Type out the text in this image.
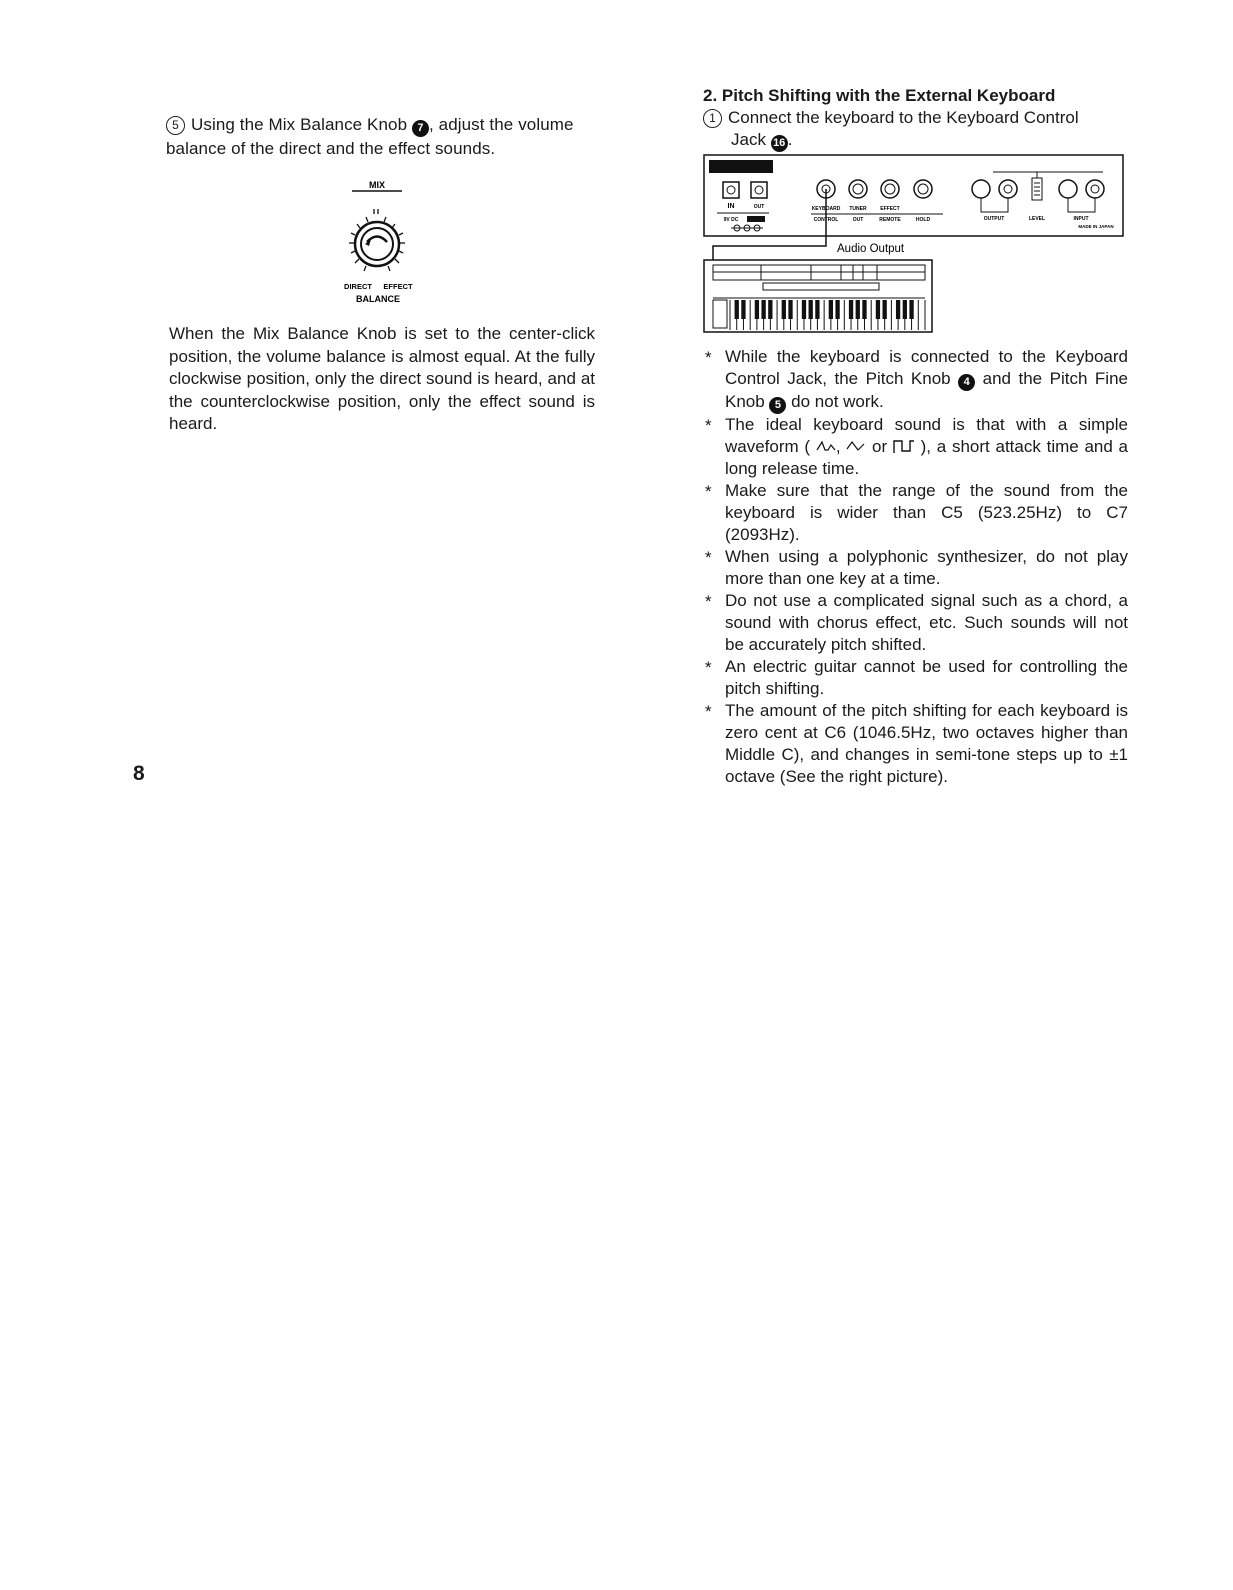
5 Using the Mix Balance Knob 7 , adjust the volume balance of the direct and the effect sounds.
MIX
DIRECT EFFECT
BALANCE
When the Mix Balance Knob is set to the center-click position, the volume balance is almost equal. At the fully clockwise position, only the direct sound is heard, and at the counterclockwise position, only the effect sound is heard.
8
2. Pitch Shifting with the External Keyboard
1 Connect the keyboard to the Keyboard Control
Jack 16 .
IN	OUT
9V DC
KEYBOARD TUNER	EFFECT
CONTROL	OUT	REMOTE	HOLD	OUTPUT	LEVEL	INPUT
MADE IN JAPAN
Audio Output
* While the keyboard is connected to the Keyboard Control Jack, the Pitch Knob 4 and the Pitch Fine Knob 5 do not work.
* The ideal keyboard sound is that with a simple waveform ( ,  or  ), a short attack time and a long release time.
* Make sure that the range of the sound from the keyboard is wider than C5 (523.25Hz) to C7 (2093Hz).
* When using a polyphonic synthesizer, do not play more than one key at a time.
* Do not use a complicated signal such as a chord, a sound with chorus effect, etc. Such sounds will not be accurately pitch shifted.
* An electric guitar cannot be used for controlling the pitch shifting.
* The amount of the pitch shifting for each keyboard is zero cent at C6 (1046.5Hz, two octaves higher than Middle C), and changes in semi-tone steps up to ±1 octave (See the right picture).
